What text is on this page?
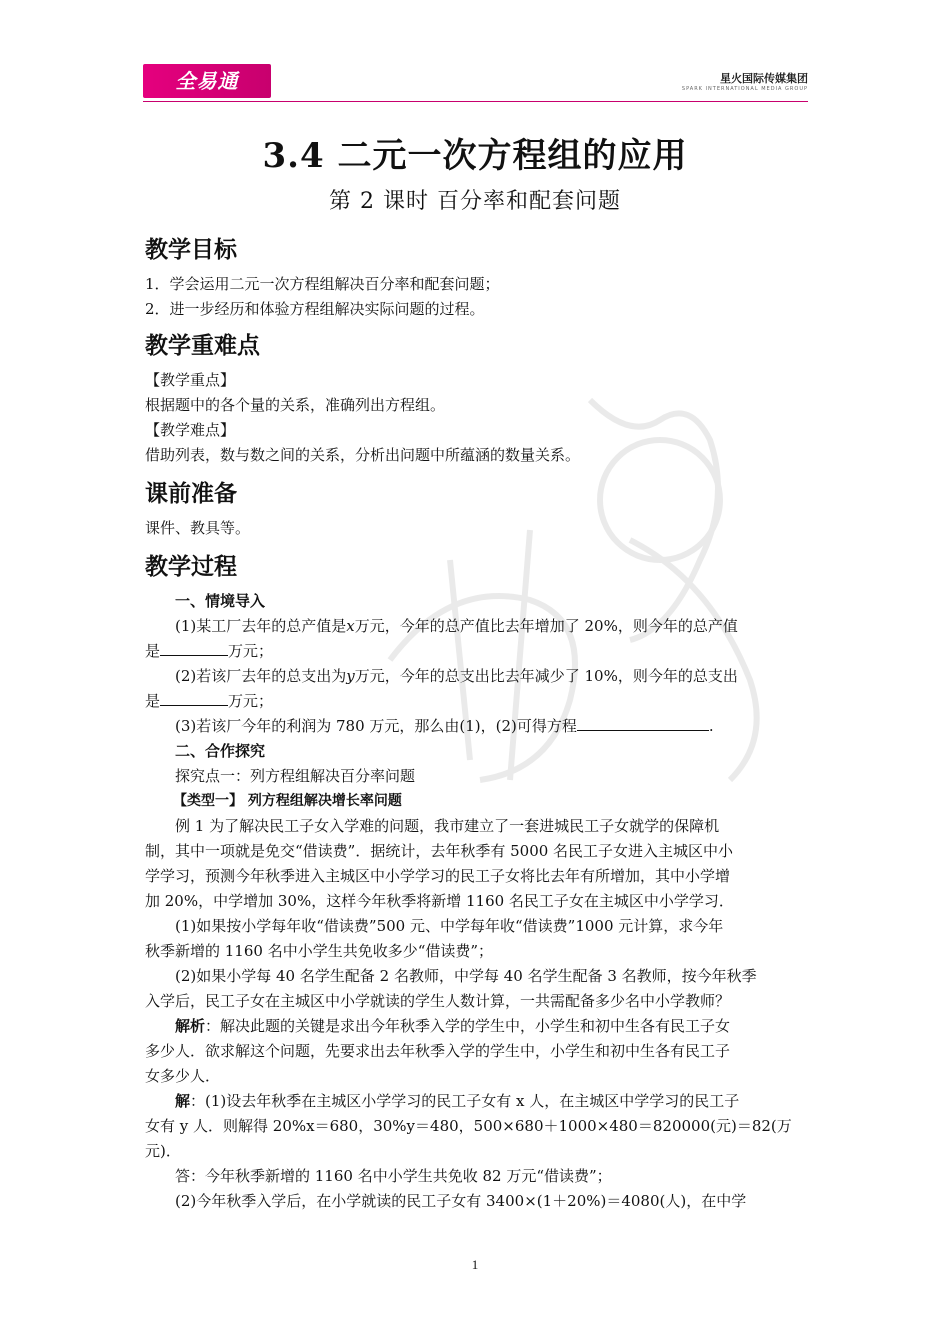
全易通	星火国际传媒集团
SPARK INTERNATIONAL MEDIA GROUP
3.4 二元一次方程组的应用
第 2 课时 百分率和配套问题
教学目标

1．学会运用二元一次方程组解决百分率和配套问题；

2．进一步经历和体验方程组解决实际问题的过程。

教学重难点

【教学重点】

根据题中的各个量的关系，准确列出方程组。

【教学难点】

借助列表，数与数之间的关系，分析出问题中所蕴涵的数量关系。

课前准备

课件、教具等。

教学过程

一、情境导入

(1)某工厂去年的总产值是x万元，今年的总产值比去年增加了 20%，则今年的总产值

是	万元；

(2)若该厂去年的总支出为y万元，今年的总支出比去年减少了 10%，则今年的总支出

是	万元；

(3)若该厂今年的利润为 780 万元，那么由(1)，(2)可得方程	.

二、合作探究

探究点一：列方程组解决百分率问题

【类型一】 列方程组解决增长率问题

例 1 为了解决民工子女入学难的问题，我市建立了一套进城民工子女就学的保障机

制，其中一项就是免交“借读费”．据统计，去年秋季有 5000 名民工子女进入主城区中小

学学习，预测今年秋季进入主城区中小学学习的民工子女将比去年有所增加，其中小学增

加 20%，中学增加 30%，这样今年秋季将新增 1160 名民工子女在主城区中小学学习．

(1)如果按小学每年收“借读费”500 元、中学每年收“借读费”1000 元计算，求今年

秋季新增的 1160 名中小学生共免收多少“借读费”；

(2)如果小学每 40 名学生配备 2 名教师，中学每 40 名学生配备 3 名教师，按今年秋季

入学后，民工子女在主城区中小学就读的学生人数计算，一共需配备多少名中小学教师？

解析：解决此题的关键是求出今年秋季入学的学生中，小学生和初中生各有民工子女

多少人．欲求解这个问题，先要求出去年秋季入学的学生中，小学生和初中生各有民工子

女多少人．

解：(1)设去年秋季在主城区小学学习的民工子女有 x 人，在主城区中学学习的民工子

女有 y 人．则解得 20%x＝680，30%y＝480，500×680＋1000×480＝820000(元)＝82(万

元)．

答：今年秋季新增的 1160 名中小学生共免收 82 万元“借读费”；

(2)今年秋季入学后，在小学就读的民工子女有 3400×(1＋20%)＝4080(人)，在中学

1
